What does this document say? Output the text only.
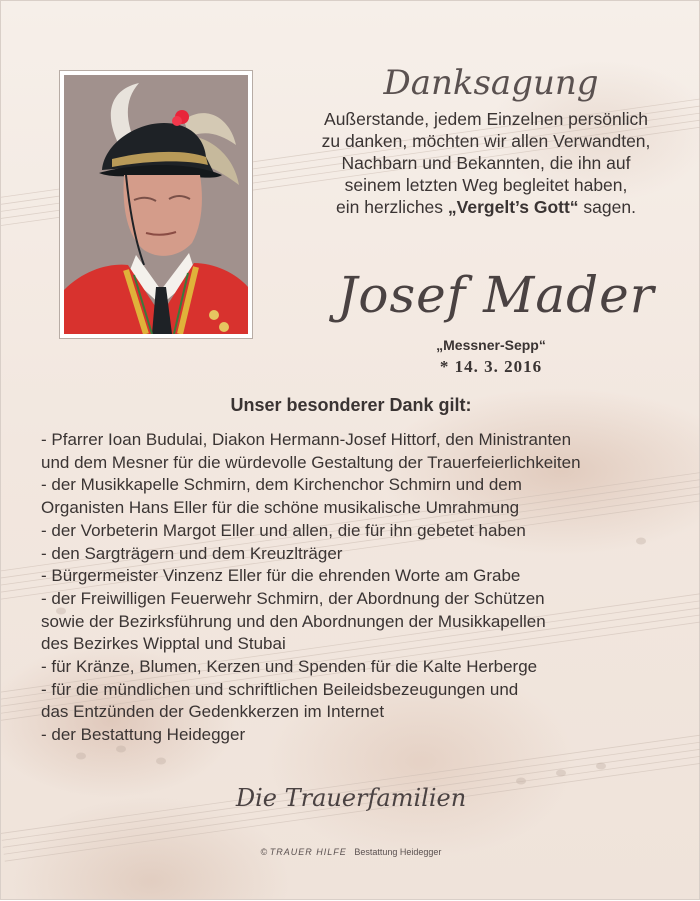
Danksagung
Außerstande, jedem Einzelnen persönlich
zu danken, möchten wir allen Verwandten,
Nachbarn und Bekannten, die ihn auf
seinem letzten Weg begleitet haben,
ein herzliches „Vergelt’s Gott“ sagen.
Josef Mader
„Messner-Sepp“
* 14. 3. 2016
Unser besonderer Dank gilt:
- Pfarrer Ioan Budulai, Diakon Hermann-Josef Hittorf, den Ministranten
und dem Mesner für die würdevolle Gestaltung der Trauerfeierlichkeiten
- der Musikkapelle Schmirn, dem Kirchenchor Schmirn und dem
Organisten Hans Eller für die schöne musikalische Umrahmung
- der Vorbeterin Margot Eller und allen, die für ihn gebetet haben
- den Sargträgern und dem Kreuzlträger
- Bürgermeister Vinzenz Eller für die ehrenden Worte am Grabe
- der Freiwilligen Feuerwehr Schmirn, der Abordnung der Schützen
sowie der Bezirksführung und den Abordnungen der Musikkapellen
des Bezirkes Wipptal und Stubai
- für Kränze, Blumen, Kerzen und Spenden für die Kalte Herberge
- für die mündlichen und schriftlichen Beileidsbezeugungen und
das Entzünden der Gedenkkerzen im Internet
- der Bestattung Heidegger
Die Trauerfamilien
© TRAUER HILFE Bestattung Heidegger
